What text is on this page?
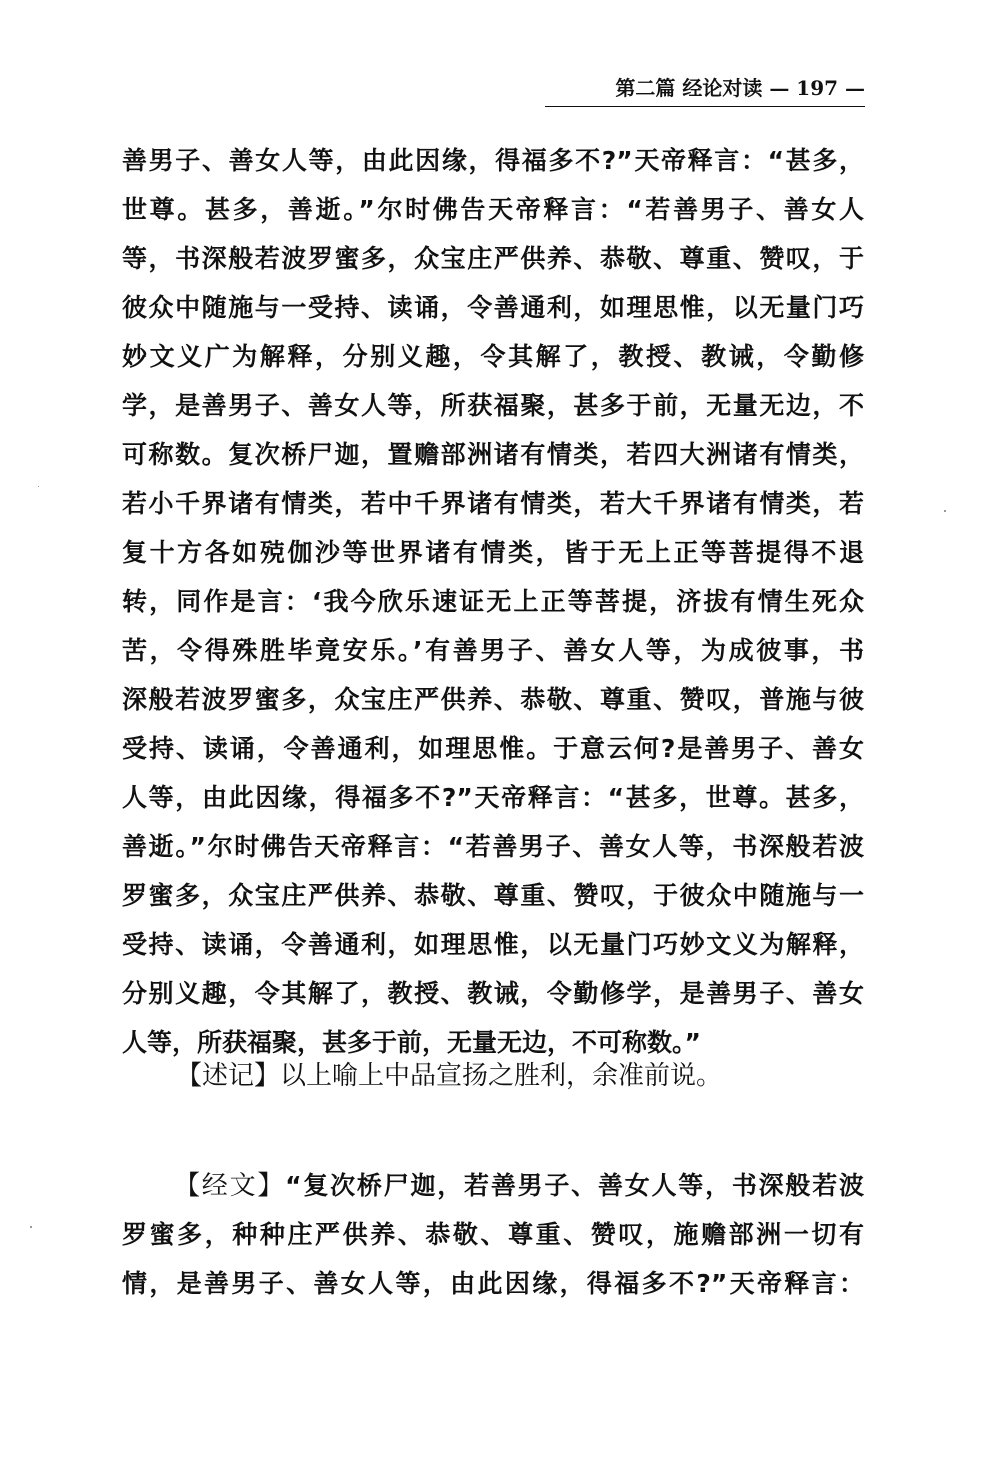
第二篇 经论对读 — 197 —
善男子、善女人等，由此因缘，得福多不?”天帝释言：“甚多，
世尊。甚多，善逝。”尔时佛告天帝释言：“若善男子、善女人
等，书深般若波罗蜜多，众宝庄严供养、恭敬、尊重、赞叹，于
彼众中随施与一受持、读诵，令善通利，如理思惟，以无量门巧
妙文义广为解释，分别义趣，令其解了，教授、教诫，令勤修
学，是善男子、善女人等，所获福聚，甚多于前，无量无边，不
可称数。复次桥尸迦，置赡部洲诸有情类，若四大洲诸有情类，
若小千界诸有情类，若中千界诸有情类，若大千界诸有情类，若
复十方各如殑伽沙等世界诸有情类，皆于无上正等菩提得不退
转，同作是言：‘我今欣乐速证无上正等菩提，济拔有情生死众
苦，令得殊胜毕竟安乐。’有善男子、善女人等，为成彼事，书
深般若波罗蜜多，众宝庄严供养、恭敬、尊重、赞叹，普施与彼
受持、读诵，令善通利，如理思惟。于意云何?是善男子、善女
人等，由此因缘，得福多不?”天帝释言：“甚多，世尊。甚多，
善逝。”尔时佛告天帝释言：“若善男子、善女人等，书深般若波
罗蜜多，众宝庄严供养、恭敬、尊重、赞叹，于彼众中随施与一
受持、读诵，令善通利，如理思惟，以无量门巧妙文义为解释，
分别义趣，令其解了，教授、教诫，令勤修学，是善男子、善女
人等，所获福聚，甚多于前，无量无边，不可称数。”
【述记】以上喻上中品宣扬之胜利，余准前说。
【经文】“复次桥尸迦，若善男子、善女人等，书深般若波
罗蜜多，种种庄严供养、恭敬、尊重、赞叹，施赡部洲一切有
情，是善男子、善女人等，由此因缘，得福多不?”天帝释言：
